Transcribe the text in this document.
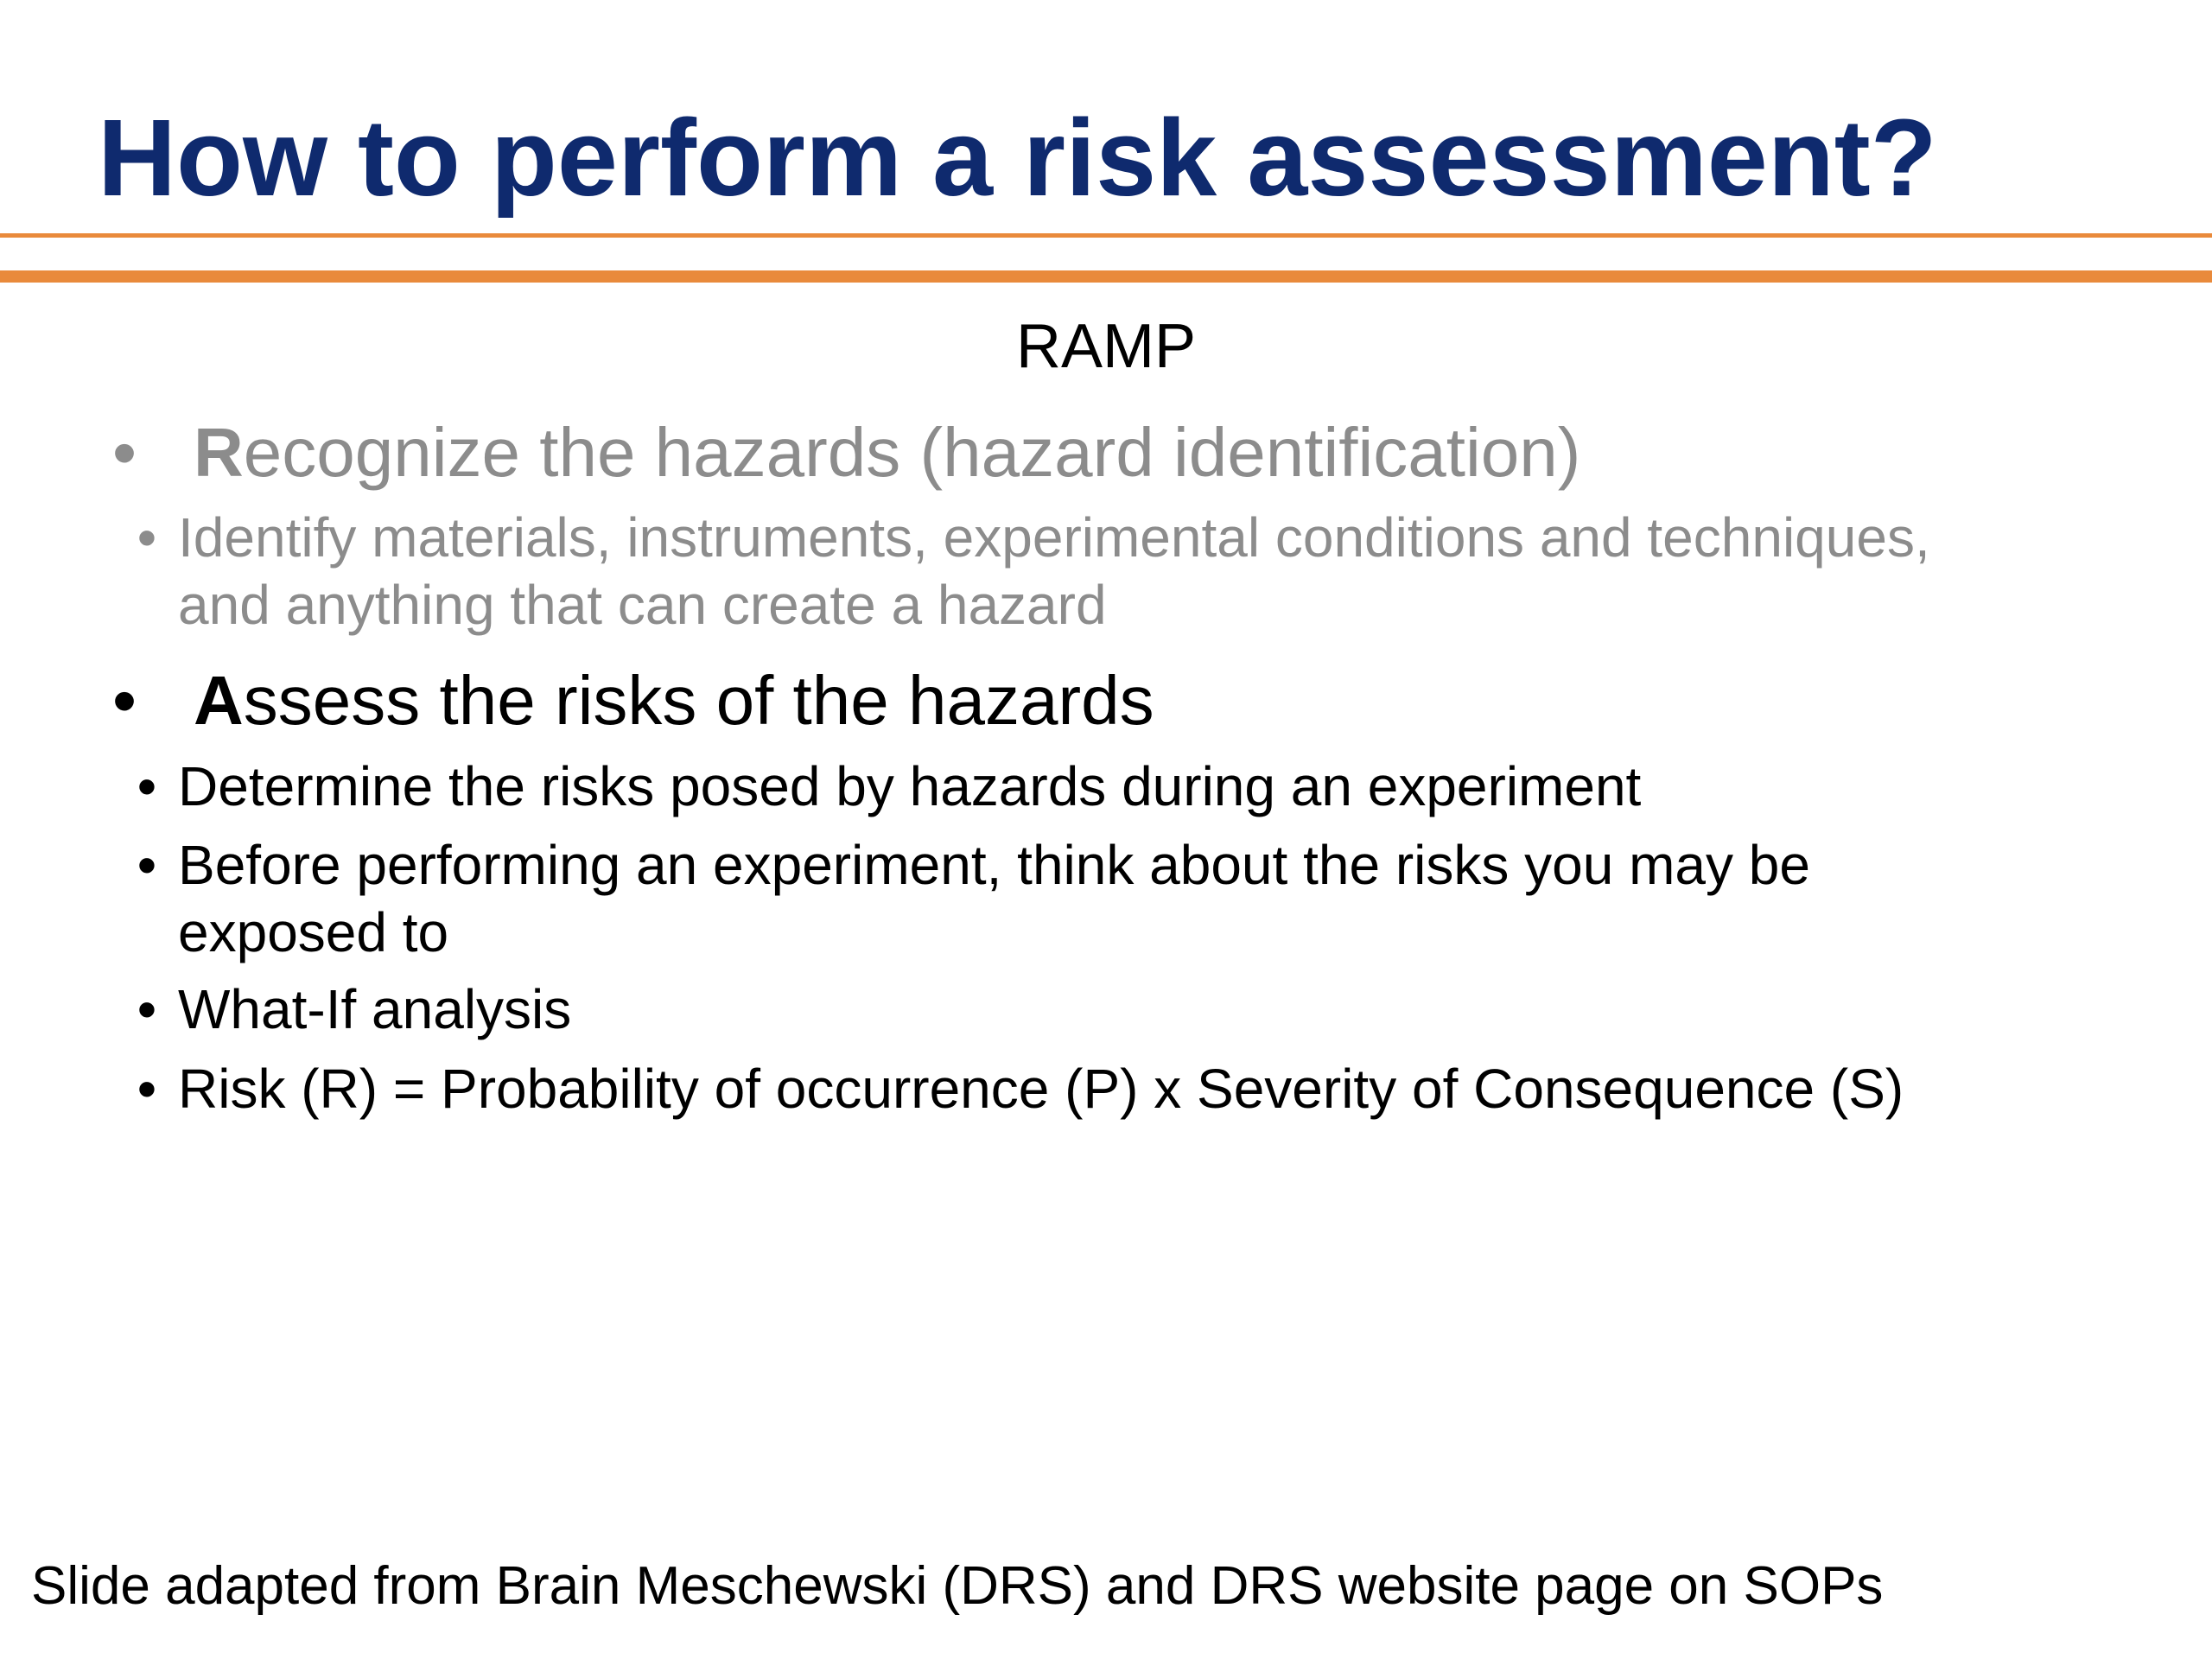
How to perform a risk assessment?
RAMP
• Recognize the hazards (hazard identification)
• Identify materials, instruments, experimental conditions and techniques,
and anything that can create a hazard
• Assess the risks of the hazards
• Determine the risks posed by hazards during an experiment
• Before performing an experiment, think about the risks you may be
exposed to
• What-If analysis
• Risk (R) = Probability of occurrence (P) x Severity of Consequence (S)
Slide adapted from Brain Meschewski (DRS) and DRS website page on SOPs
